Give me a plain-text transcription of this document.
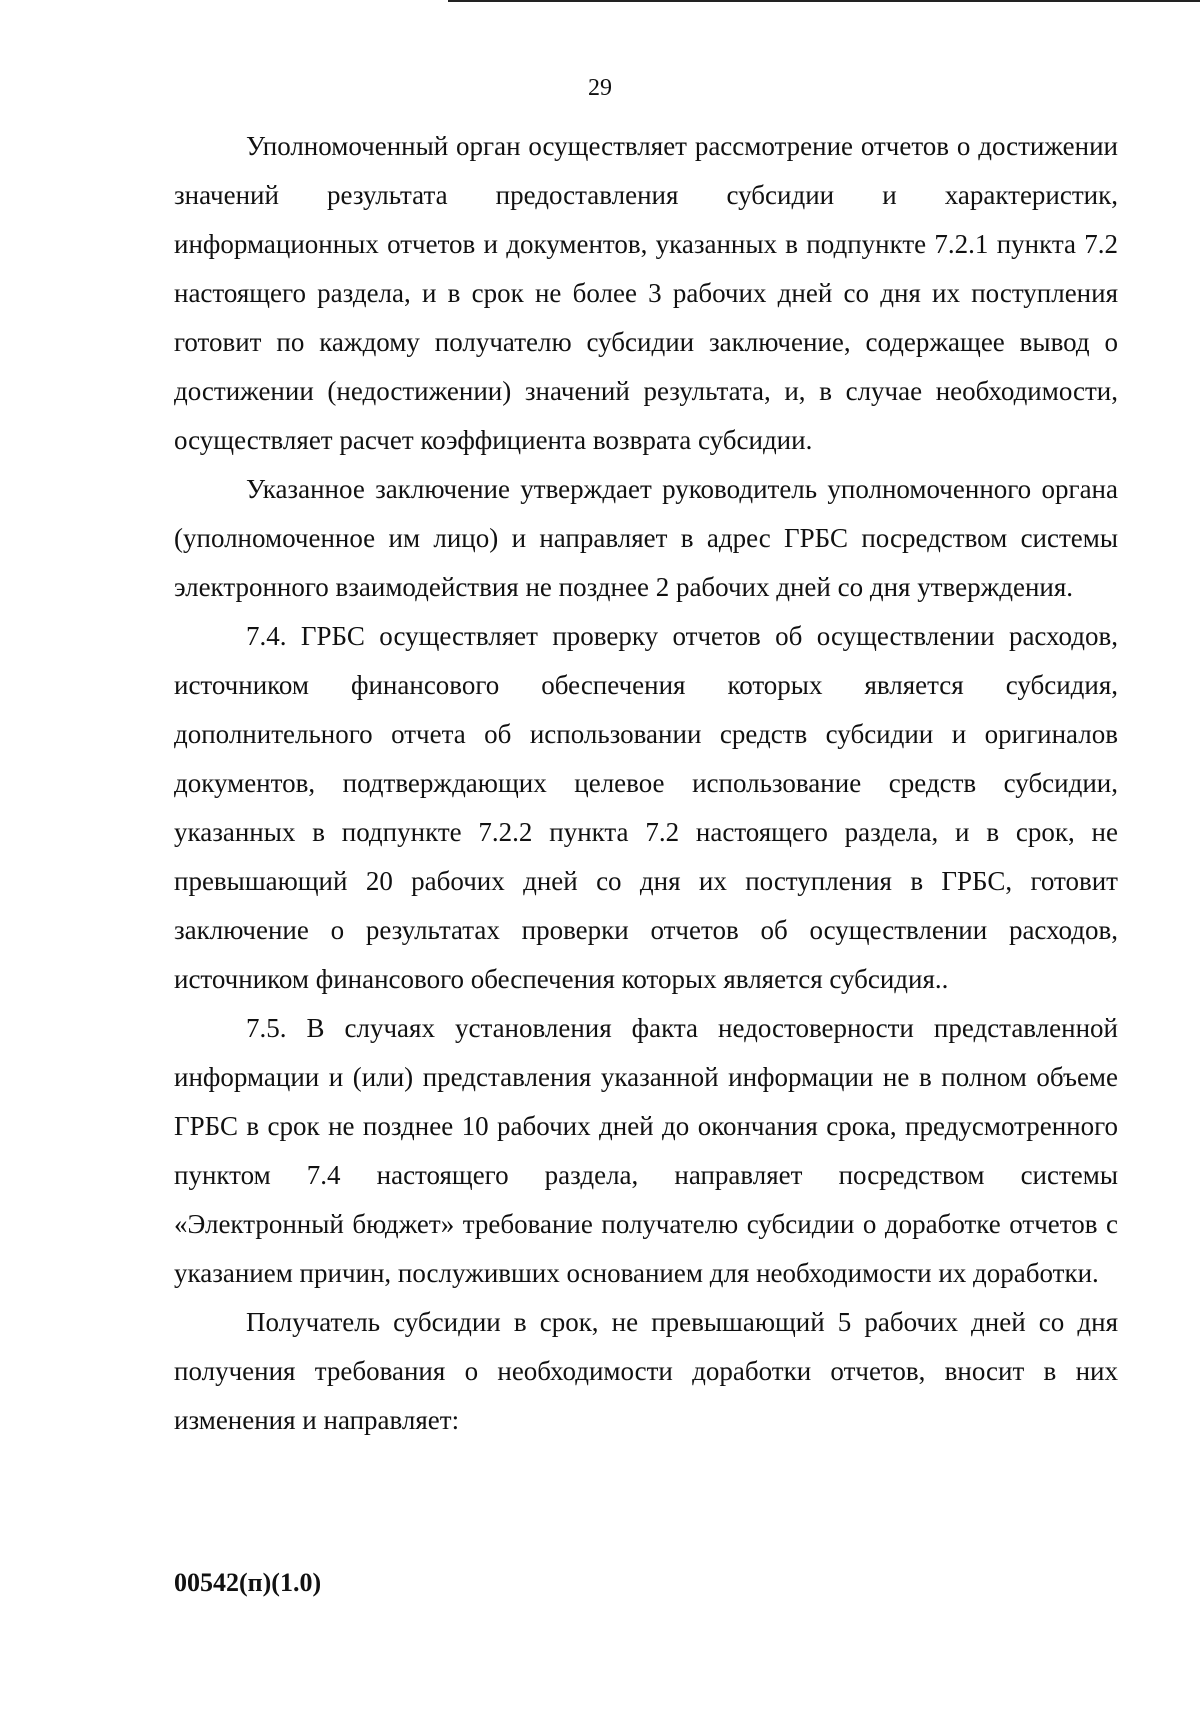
29

Уполномоченный орган осуществляет рассмотрение отчетов о достижении значений результата предоставления субсидии и характеристик, информационных отчетов и документов, указанных в подпункте 7.2.1 пункта 7.2 настоящего раздела, и в срок не более 3 рабочих дней со дня их поступления готовит по каждому получателю субсидии заключение, содержащее вывод о достижении (недостижении) значений результата, и, в случае необходимости, осуществляет расчет коэффициента возврата субсидии.

Указанное заключение утверждает руководитель уполномоченного органа (уполномоченное им лицо) и направляет в адрес ГРБС посредством системы электронного взаимодействия не позднее 2 рабочих дней со дня утверждения.

7.4. ГРБС осуществляет проверку отчетов об осуществлении расходов, источником финансового обеспечения которых является субсидия, дополнительного отчета об использовании средств субсидии и оригиналов документов, подтверждающих целевое использование средств субсидии, указанных в подпункте 7.2.2 пункта 7.2 настоящего раздела, и в срок, не превышающий 20 рабочих дней со дня их поступления в ГРБС, готовит заключение о результатах проверки отчетов об осуществлении расходов, источником финансового обеспечения которых является субсидия..

7.5. В случаях установления факта недостоверности представленной информации и (или) представления указанной информации не в полном объеме ГРБС в срок не позднее 10 рабочих дней до окончания срока, предусмотренного пунктом 7.4 настоящего раздела, направляет посредством системы «Электронный бюджет» требование получателю субсидии о доработке отчетов с указанием причин, послуживших основанием для необходимости их доработки.

Получатель субсидии в срок, не превышающий 5 рабочих дней со дня получения требования о необходимости доработки отчетов, вносит в них изменения и направляет:

00542(п)(1.0)
